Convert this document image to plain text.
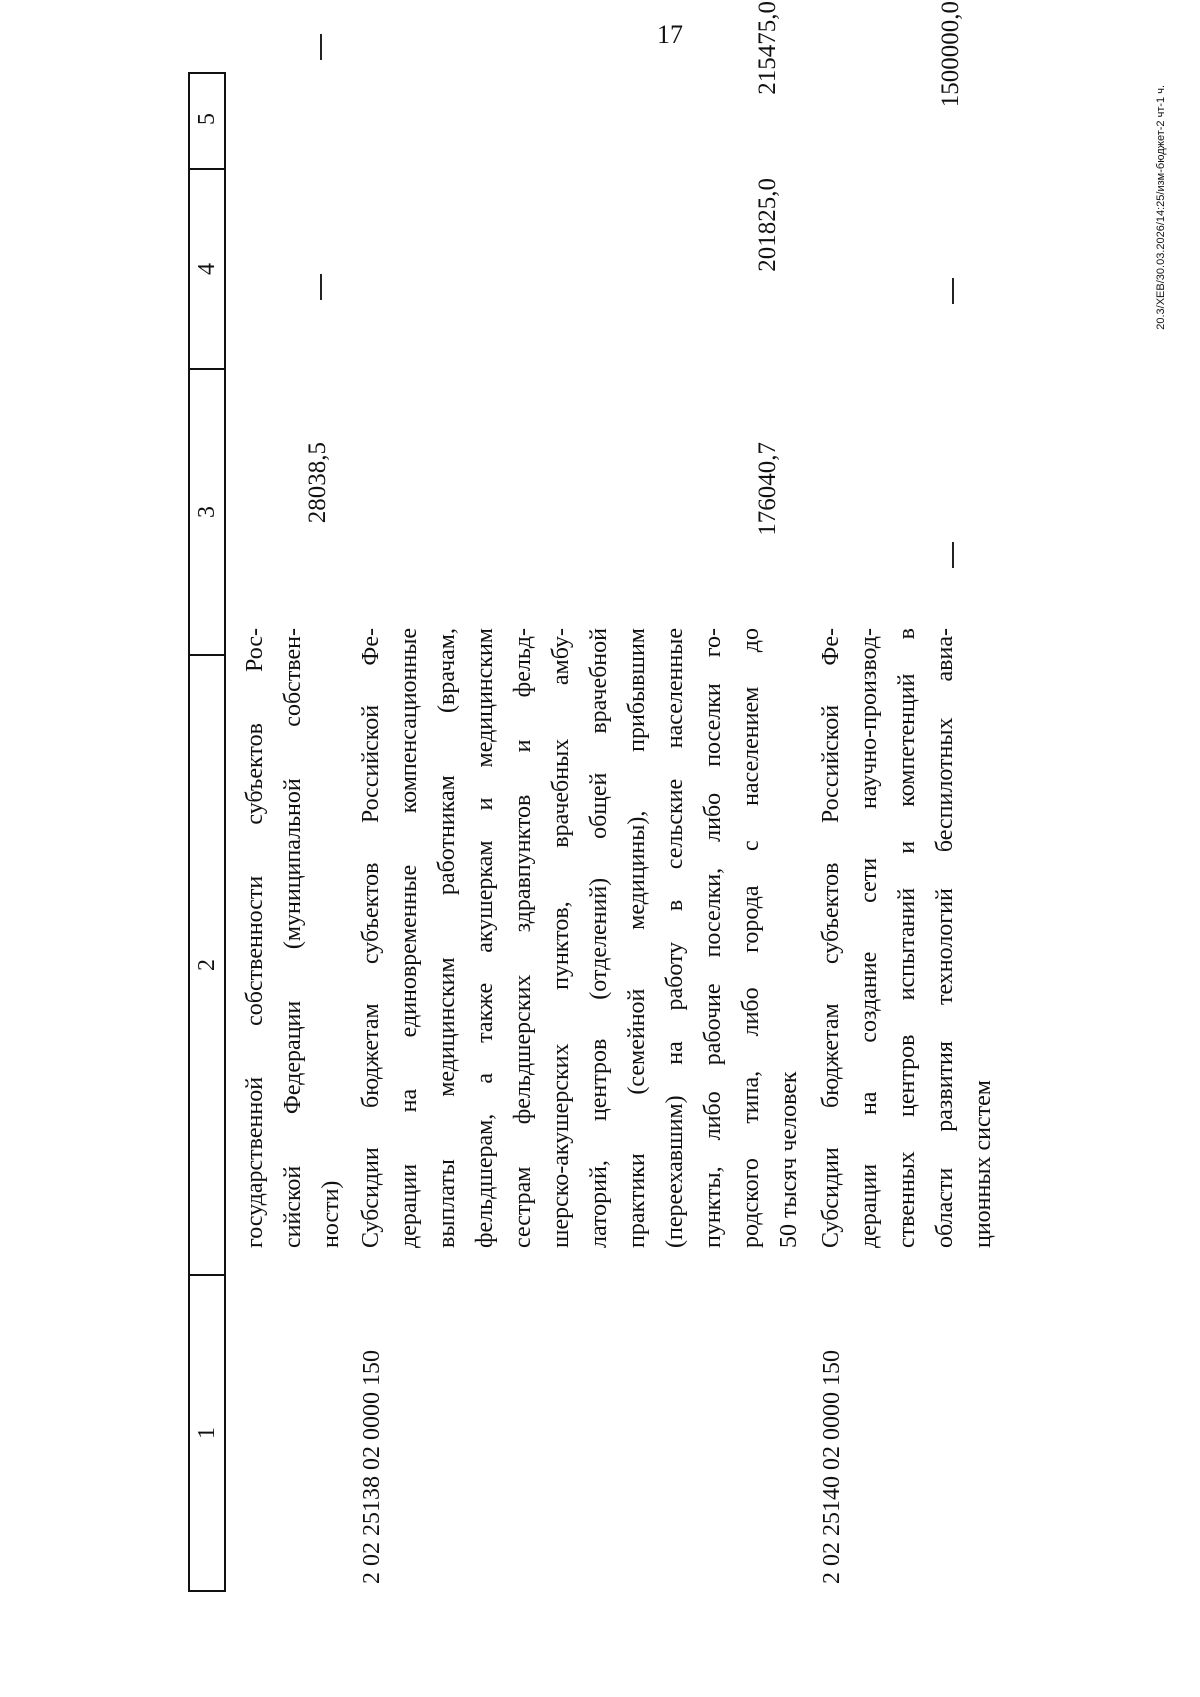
17
20.3/ХЕВ/30.03.2026/14:25/изм-бюджет-2 чт-1 ч.
1
2
3
4
5
государственной собственности субъектов Рос- сийской Федерации (муниципальной собствен- ности)
28038,5
2 02 25138 02 0000 150
Субсидии бюджетам субъектов Российской Фе- дерации на единовременные компенсационные выплаты медицинским работникам (врачам, фельдшерам, а также акушеркам и медицинским сестрам фельдшерских здравпунктов и фельд- шерско-акушерских пунктов, врачебных амбу- латорий, центров (отделений) общей врачебной практики (семейной медицины), прибывшим (переехавшим) на работу в сельские населенные пункты, либо рабочие поселки, либо поселки го- родского типа, либо города с населением до 50 тысяч человек
176040,7
201825,0
215475,0
2 02 25140 02 0000 150
Субсидии бюджетам субъектов Российской Фе- дерации на создание сети научно-производ- ственных центров испытаний и компетенций в области развития технологий беспилотных авиа- ционных систем
1500000,0
